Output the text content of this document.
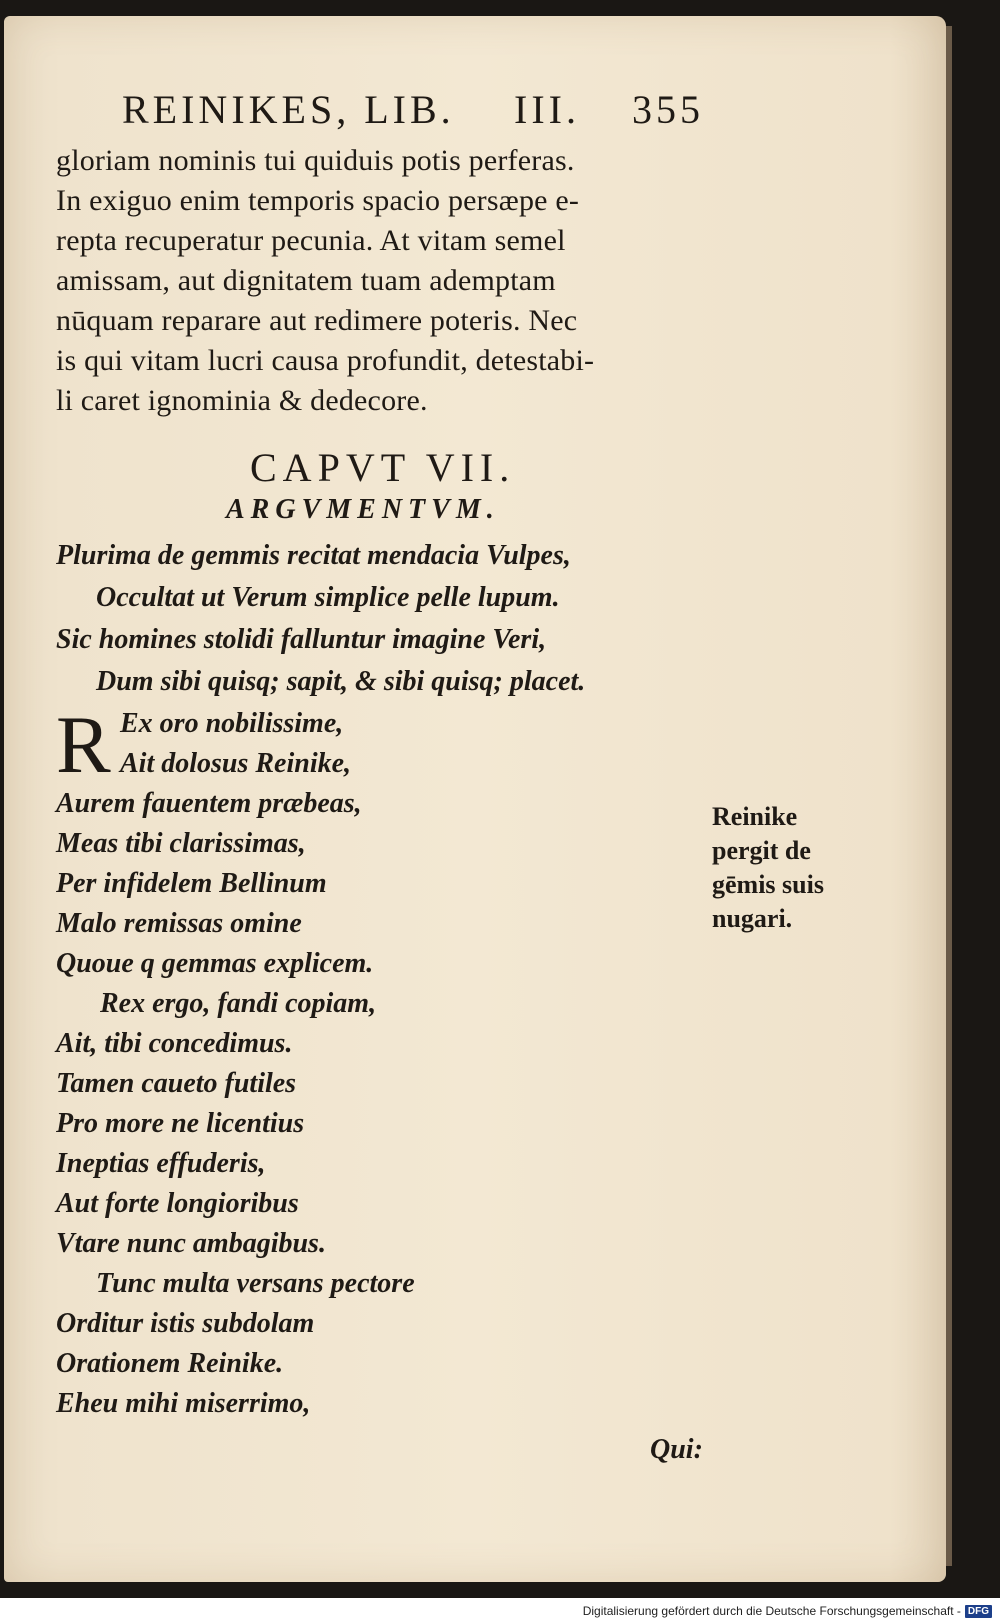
REINIKES, LIB. III. 355
gloriam nominis tui quiduis potis perferas.
In exiguo enim temporis spacio persæpe e-
repta recuperatur pecunia. At vitam semel
amissam, aut dignitatem tuam ademptam
nūquam reparare aut redimere poteris. Nec
is qui vitam lucri causa profundit, detestabi-
li caret ignominia & dedecore.
CAPVT VII.
ARGVMENTVM.
Plurima de gemmis recitat mendacia Vulpes,
Occultat ut Verum simplice pelle lupum.
Sic homines stolidi falluntur imagine Veri,
Dum sibi quisq; sapit, & sibi quisq; placet.
R Ex oro nobilissime,
Ait dolosus Reinike,
Aurem fauentem præbeas,
Meas tibi clarissimas,
Per infidelem Bellinum
Malo remissas omine
Quoue q gemmas explicem.
Rex ergo, fandi copiam,
Ait, tibi concedimus.
Tamen caueto futiles
Pro more ne licentius
Ineptias effuderis,
Aut forte longioribus
Vtare nunc ambagibus.
Tunc multa versans pectore
Orditur istis subdolam
Orationem Reinike.
Eheu mihi miserrimo,
Reinike
pergit de
gēmis suis
nugari.
Qui:
Digitalisierung gefördert durch die Deutsche Forschungsgemeinschaft - DFG
